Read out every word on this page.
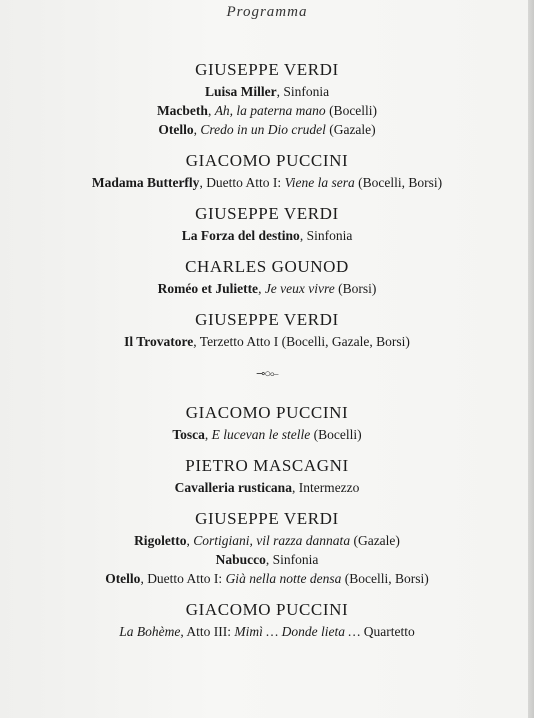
Programma
GIUSEPPE VERDI
Luisa Miller, Sinfonia
Macbeth, Ah, la paterna mano (Bocelli)
Otello, Credo in un Dio crudel (Gazale)
GIACOMO PUCCINI
Madama Butterfly, Duetto Atto I: Viene la sera (Bocelli, Borsi)
GIUSEPPE VERDI
La Forza del destino, Sinfonia
CHARLES GOUNOD
Roméo et Juliette, Je veux vivre (Borsi)
GIUSEPPE VERDI
Il Trovatore, Terzetto Atto I (Bocelli, Gazale, Borsi)
⊸○⟜
GIACOMO PUCCINI
Tosca, E lucevan le stelle (Bocelli)
PIETRO MASCAGNI
Cavalleria rusticana, Intermezzo
GIUSEPPE VERDI
Rigoletto, Cortigiani, vil razza dannata (Gazale)
Nabucco, Sinfonia
Otello, Duetto Atto I: Già nella notte densa (Bocelli, Borsi)
GIACOMO PUCCINI
La Bohème, Atto III: Mimì … Donde lieta … Quartetto
